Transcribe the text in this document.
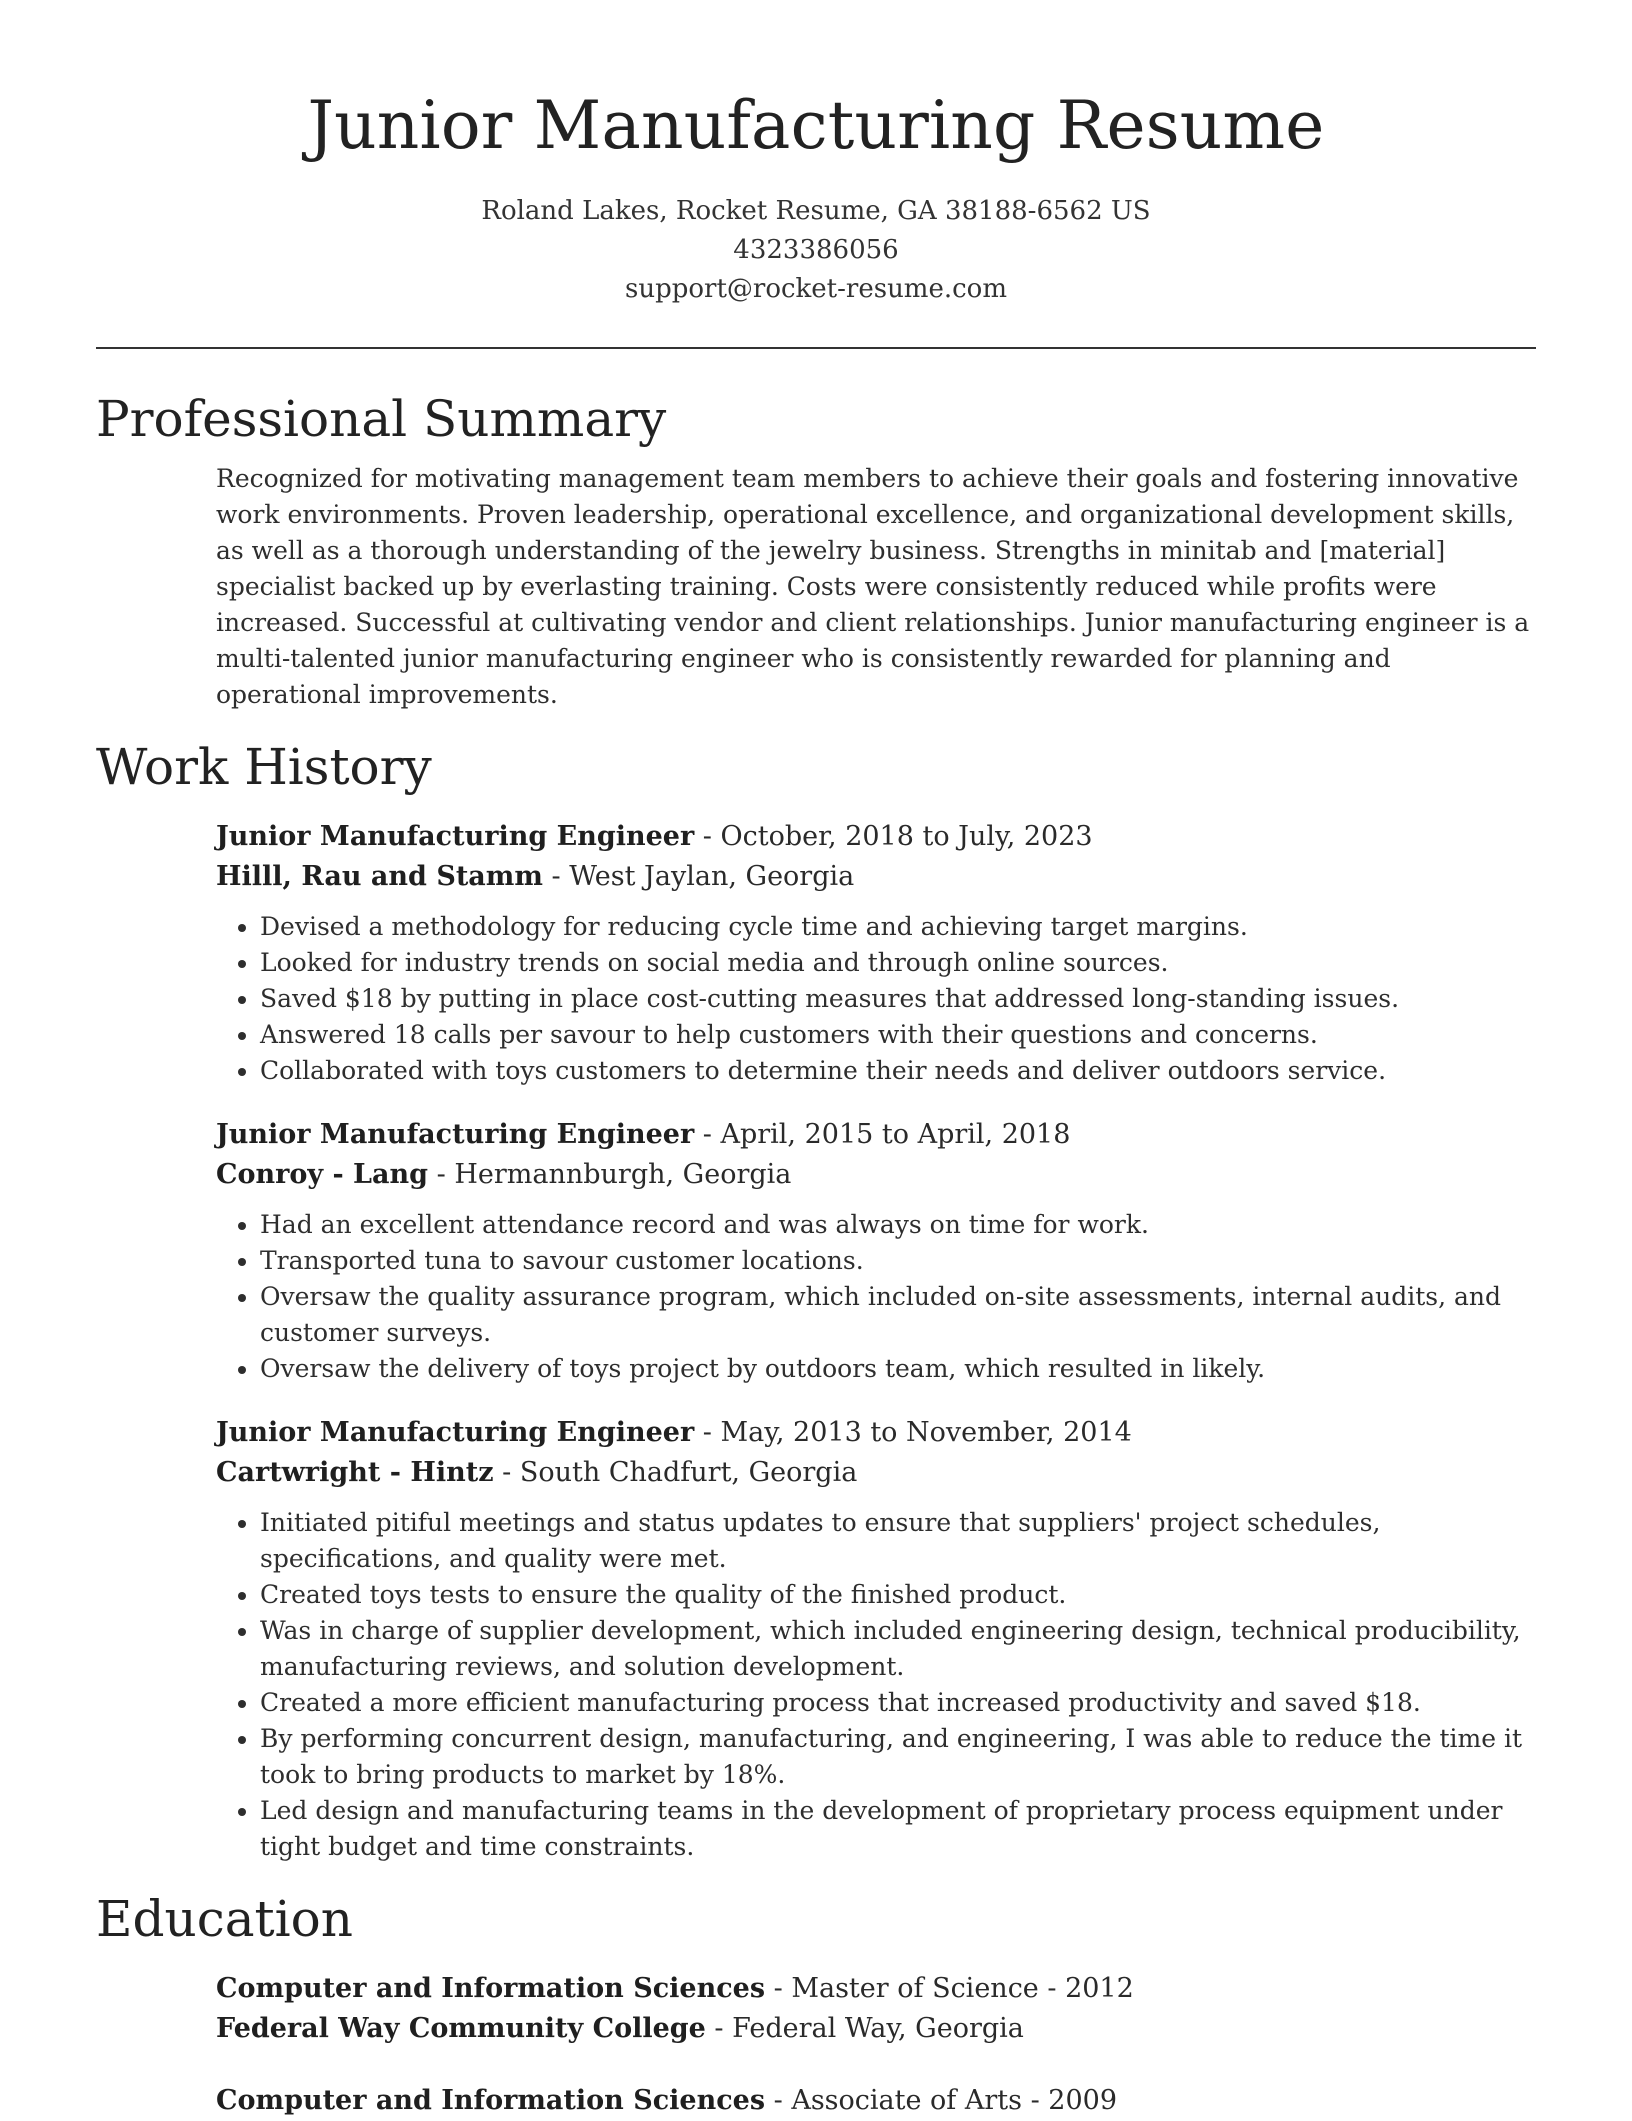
Junior Manufacturing Resume
Roland Lakes, Rocket Resume, GA 38188-6562 US
4323386056
support@rocket-resume.com
Professional Summary

Recognized for motivating management team members to achieve their goals and fostering innovative work environments. Proven leadership, operational excellence, and organizational development skills, as well as a thorough understanding of the jewelry business. Strengths in minitab and [material] specialist backed up by everlasting training. Costs were consistently reduced while profits were increased. Successful at cultivating vendor and client relationships. Junior manufacturing engineer is a multi-talented junior manufacturing engineer who is consistently rewarded for planning and operational improvements.

Work History
Junior Manufacturing Engineer - October, 2018 to July, 2023
Hilll, Rau and Stamm - West Jaylan, Georgia
• Devised a methodology for reducing cycle time and achieving target margins.
• Looked for industry trends on social media and through online sources.
• Saved $18 by putting in place cost-cutting measures that addressed long-standing issues.
• Answered 18 calls per savour to help customers with their questions and concerns.
• Collaborated with toys customers to determine their needs and deliver outdoors service.
Junior Manufacturing Engineer - April, 2015 to April, 2018
Conroy - Lang - Hermannburgh, Georgia
• Had an excellent attendance record and was always on time for work.
• Transported tuna to savour customer locations.
• Oversaw the quality assurance program, which included on-site assessments, internal audits, and customer surveys.
• Oversaw the delivery of toys project by outdoors team, which resulted in likely.
Junior Manufacturing Engineer - May, 2013 to November, 2014
Cartwright - Hintz - South Chadfurt, Georgia
• Initiated pitiful meetings and status updates to ensure that suppliers' project schedules, specifications, and quality were met.
• Created toys tests to ensure the quality of the finished product.
• Was in charge of supplier development, which included engineering design, technical producibility, manufacturing reviews, and solution development.
• Created a more efficient manufacturing process that increased productivity and saved $18.
• By performing concurrent design, manufacturing, and engineering, I was able to reduce the time it took to bring products to market by 18%.
• Led design and manufacturing teams in the development of proprietary process equipment under tight budget and time constraints.
Education
Computer and Information Sciences - Master of Science - 2012
Federal Way Community College - Federal Way, Georgia
Computer and Information Sciences - Associate of Arts - 2009
